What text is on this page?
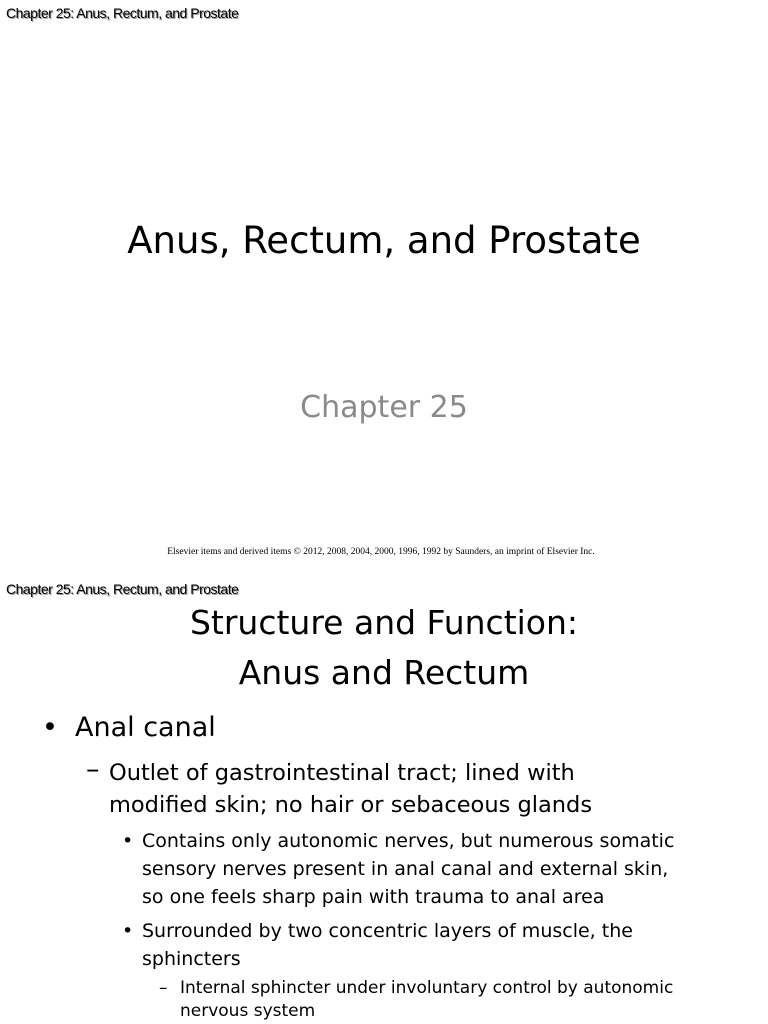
Chapter 25: Anus, Rectum, and Prostate
Anus, Rectum, and Prostate
Chapter 25
Elsevier items and derived items © 2012, 2008, 2004, 2000, 1996, 1992 by Saunders, an imprint of Elsevier Inc.
Chapter 25: Anus, Rectum, and Prostate
Structure and Function:
Anus and Rectum
• Anal canal
– Outlet of gastrointestinal tract; lined with
modified skin; no hair or sebaceous glands
• Contains only autonomic nerves, but numerous somatic
sensory nerves present in anal canal and external skin,
so one feels sharp pain with trauma to anal area
• Surrounded by two concentric layers of muscle, the
sphincters
– Internal sphincter under involuntary control by autonomic
nervous system
